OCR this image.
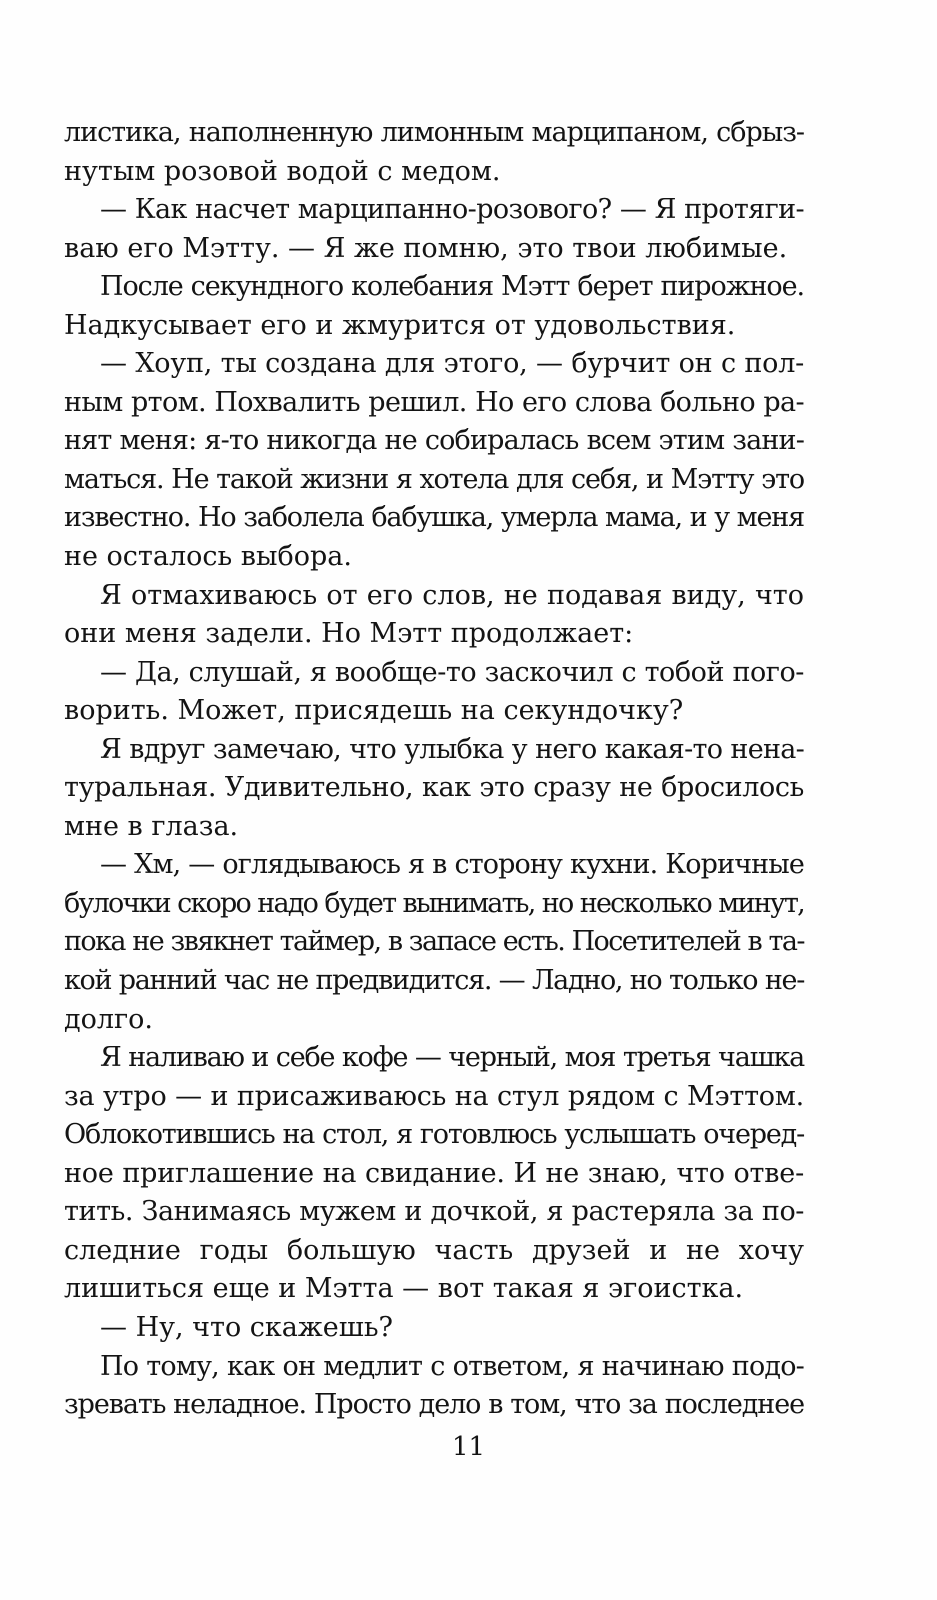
листика, наполненную лимонным марципаном, сбрыз-
нутым розовой водой с медом.
— Как насчет марципанно-розового? — Я протяги-
ваю его Мэтту. — Я же помню, это твои любимые.
После секундного колебания Мэтт берет пирожное.
Надкусывает его и жмурится от удовольствия.
— Хоуп, ты создана для этого, — бурчит он с пол-
ным ртом. Похвалить решил. Но его слова больно ра-
нят меня: я-то никогда не собиралась всем этим зани-
маться. Не такой жизни я хотела для себя, и Мэтту это
известно. Но заболела бабушка, умерла мама, и у меня
не осталось выбора.
Я отмахиваюсь от его слов, не подавая виду, что
они меня задели. Но Мэтт продолжает:
— Да, слушай, я вообще-то заскочил с тобой пого-
ворить. Может, присядешь на секундочку?
Я вдруг замечаю, что улыбка у него какая-то нена-
туральная. Удивительно, как это сразу не бросилось
мне в глаза.
— Хм, — оглядываюсь я в сторону кухни. Коричные
булочки скоро надо будет вынимать, но несколько минут,
пока не звякнет таймер, в запасе есть. Посетителей в та-
кой ранний час не предвидится. — Ладно, но только не-
долго.
Я наливаю и себе кофе — черный, моя третья чашка
за утро — и присаживаюсь на стул рядом с Мэттом.
Облокотившись на стол, я готовлюсь услышать очеред-
ное приглашение на свидание. И не знаю, что отве-
тить. Занимаясь мужем и дочкой, я растеряла за по-
следние годы большую часть друзей и не хочу
лишиться еще и Мэтта — вот такая я эгоистка.
— Ну, что скажешь?
По тому, как он медлит с ответом, я начинаю подо-
зревать неладное. Просто дело в том, что за последнее
11
